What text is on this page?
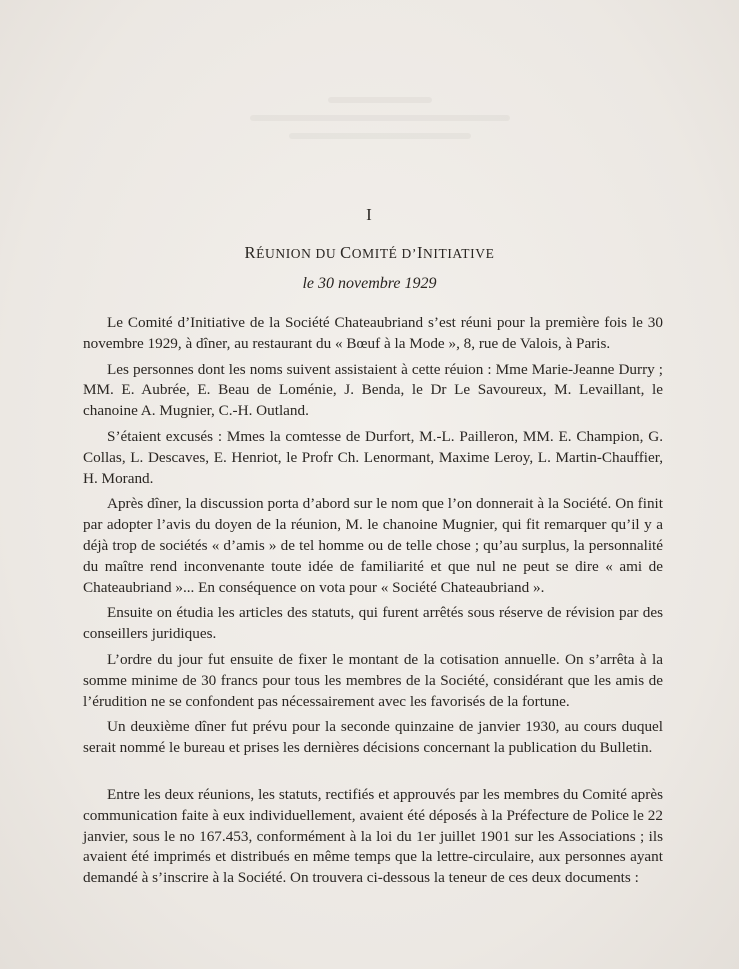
I
RÉUNION DU COMITÉ D’INITIATIVE
le 30 novembre 1929

Le Comité d’Initiative de la Société Chateaubriand s’est réuni pour la première fois le 30 novembre 1929, à dîner, au restaurant du « Bœuf à la Mode », 8, rue de Valois, à Paris.

Les personnes dont les noms suivent assistaient à cette réuion : Mme Marie-Jeanne Durry ; MM. E. Aubrée, E. Beau de Loménie, J. Benda, le Dr Le Savoureux, M. Levaillant, le chanoine A. Mugnier, C.-H. Outland.

S’étaient excusés : Mmes la comtesse de Durfort, M.-L. Pailleron, MM. E. Champion, G. Collas, L. Descaves, E. Henriot, le Profr Ch. Lenormant, Maxime Leroy, L. Martin-Chauffier, H. Morand.

Après dîner, la discussion porta d’abord sur le nom que l’on donnerait à la Société. On finit par adopter l’avis du doyen de la réunion, M. le chanoine Mugnier, qui fit remarquer qu’il y a déjà trop de sociétés « d’amis » de tel homme ou de telle chose ; qu’au surplus, la personnalité du maître rend inconvenante toute idée de familiarité et que nul ne peut se dire « ami de Chateaubriand »... En conséquence on vota pour « Société Chateaubriand ».

Ensuite on étudia les articles des statuts, qui furent arrêtés sous réserve de révision par des conseillers juridiques.

L’ordre du jour fut ensuite de fixer le montant de la cotisation annuelle. On s’arrêta à la somme minime de 30 francs pour tous les membres de la Société, considérant que les amis de l’érudition ne se confondent pas nécessairement avec les favorisés de la fortune.

Un deuxième dîner fut prévu pour la seconde quinzaine de janvier 1930, au cours duquel serait nommé le bureau et prises les dernières décisions concernant la publication du Bulletin.

Entre les deux réunions, les statuts, rectifiés et approuvés par les membres du Comité après communication faite à eux individuellement, avaient été déposés à la Préfecture de Police le 22 janvier, sous le no 167.453, conformément à la loi du 1er juillet 1901 sur les Associations ; ils avaient été imprimés et distribués en même temps que la lettre-circulaire, aux personnes ayant demandé à s’inscrire à la Société. On trouvera ci-dessous la teneur de ces deux documents :
